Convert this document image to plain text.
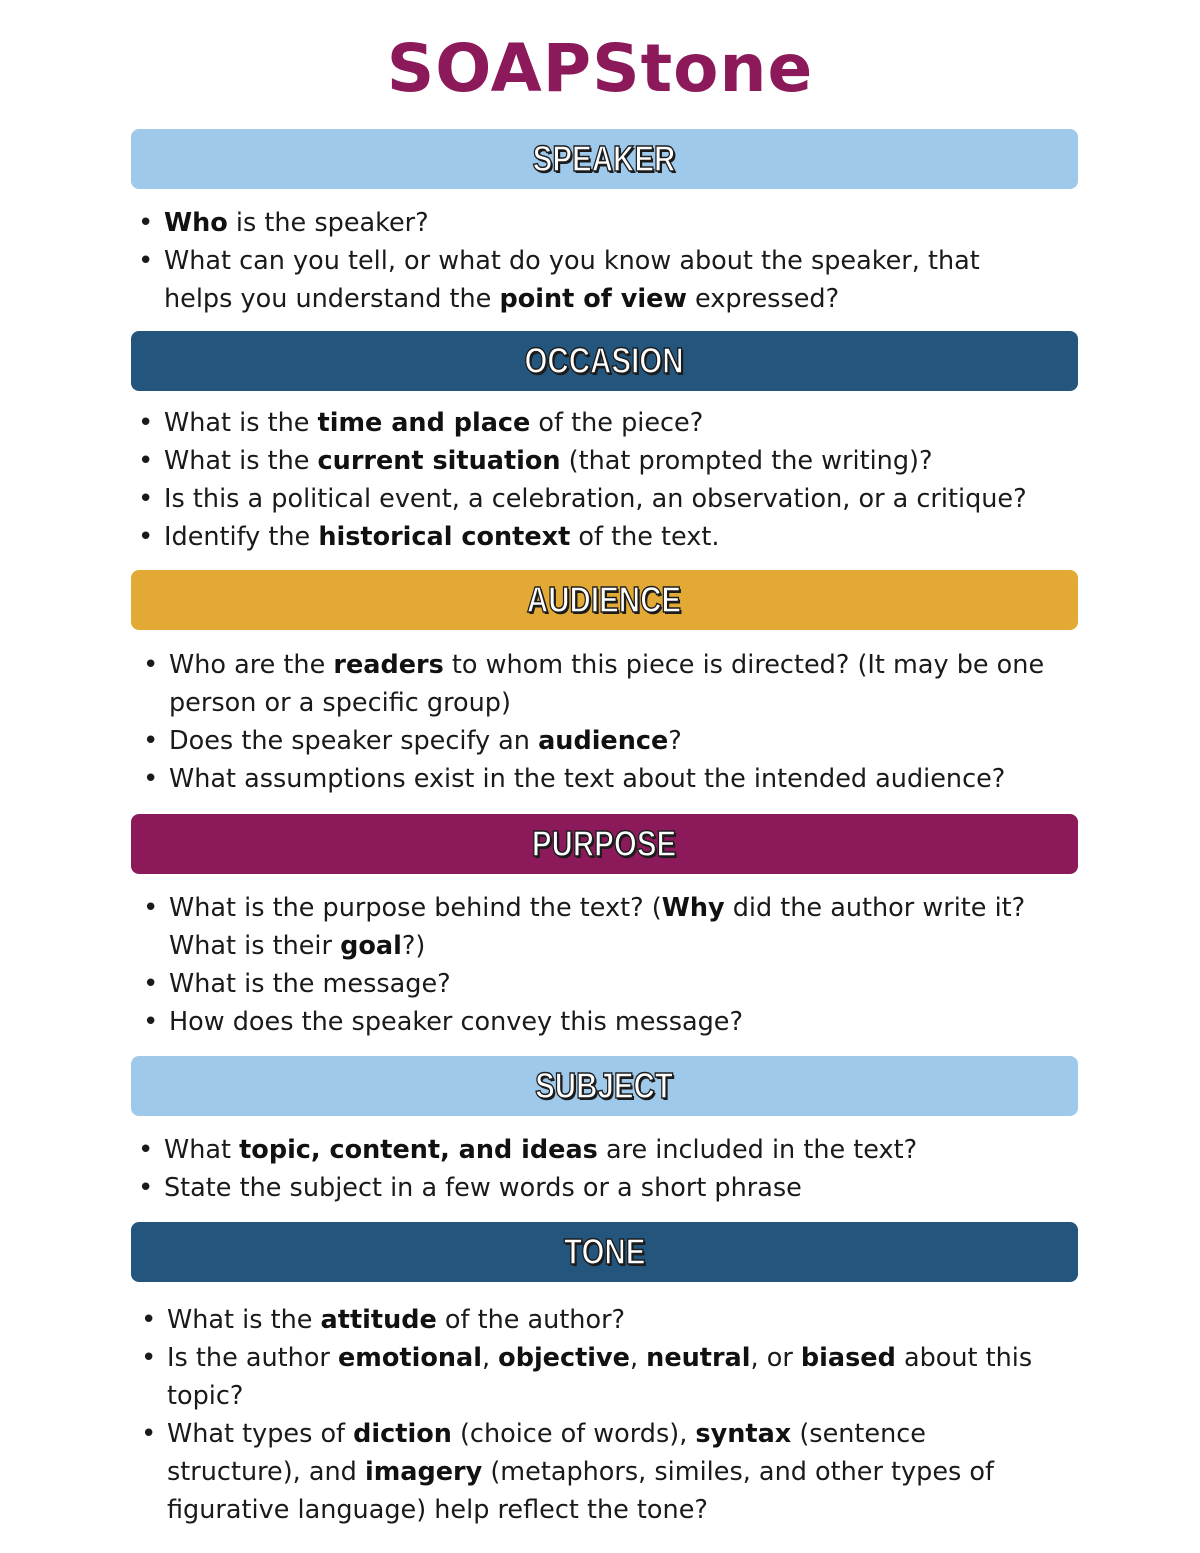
SOAPStone
SPEAKER
• Who is the speaker?
• What can you tell, or what do you know about the speaker, that helps you understand the point of view expressed?
OCCASION
• What is the time and place of the piece?
• What is the current situation (that prompted the writing)?
• Is this a political event, a celebration, an observation, or a critique?
• Identify the historical context of the text.
AUDIENCE
• Who are the readers to whom this piece is directed? (It may be one person or a specific group)
• Does the speaker specify an audience?
• What assumptions exist in the text about the intended audience?
PURPOSE
• What is the purpose behind the text? (Why did the author write it? What is their goal?)
• What is the message?
• How does the speaker convey this message?
SUBJECT
• What topic, content, and ideas are included in the text?
• State the subject in a few words or a short phrase
TONE
• What is the attitude of the author?
• Is the author emotional, objective, neutral, or biased about this topic?
• What types of diction (choice of words), syntax (sentence structure), and imagery (metaphors, similes, and other types of figurative language) help reflect the tone?
